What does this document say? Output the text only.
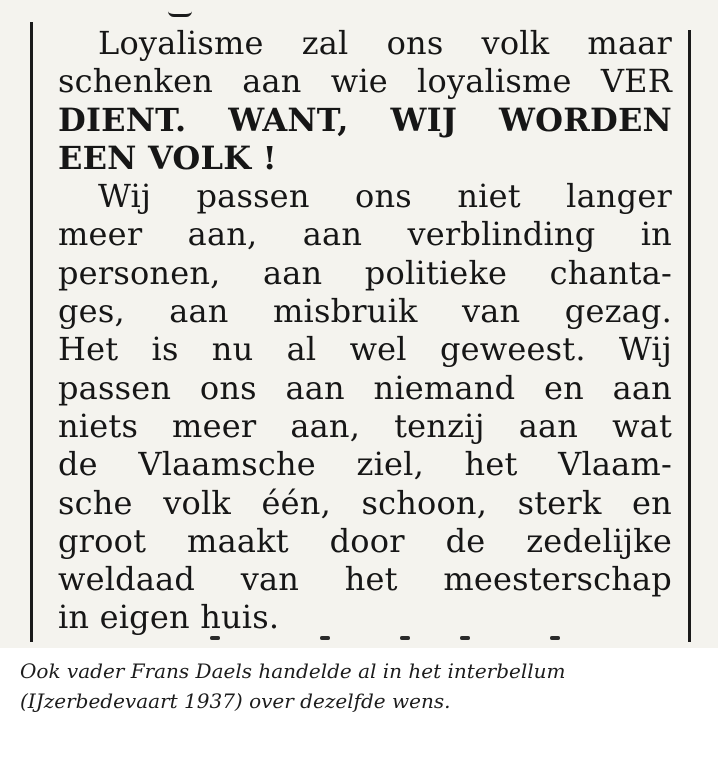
Loyalisme zal ons volk maar
schenken aan wie loyalisme VER
DIENT. WANT, WIJ WORDEN
EEN VOLK !
Wij passen ons niet langer
meer aan, aan verblinding in
personen, aan politieke chanta-
ges, aan misbruik van gezag.
Het is nu al wel geweest. Wij
passen ons aan niemand en aan
niets meer aan, tenzij aan wat
de Vlaamsche ziel, het Vlaam-
sche volk één, schoon, sterk en
groot maakt door de zedelijke
weldaad van het meesterschap
in eigen huis.
Ook vader Frans Daels handelde al in het interbellum
(IJzerbedevaart 1937) over dezelfde wens.
